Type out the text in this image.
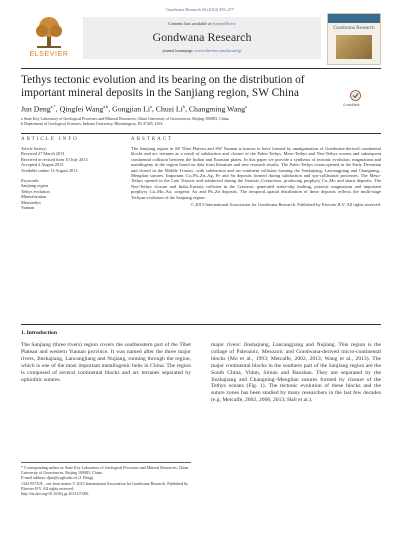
Gondwana Research 26 (2014) 459–477
ELSEVIER
Contents lists available at ScienceDirect
Gondwana Research
journal homepage: www.elsevier.com/locate/gr
Gondwana Research
Tethys tectonic evolution and its bearing on the distribution of important mineral deposits in the Sanjiang region, SW China
CrossMark
Jun Deng$^{a,*}$, Qingfei Wang$^{a,b}$, Gongjian Li$^a$, Chusi Li$^b$, Changming Wang$^a$
a State Key Laboratory of Geological Processes and Mineral Resources, China University of Geosciences, Beijing 100083, China
b Department of Geological Sciences, Indiana University, Bloomington, IN 47405, USA
ARTICLE INFO	ABSTRACT
Article history:
Received 27 March 2013
Received in revised form 10 July 2013
Accepted 2 August 2013
Available online 13 August 2013
Keywords:
Sanjiang region
Tethys evolution
Mineralization
Mesotethys
Yunnan

The Sanjiang region in SE Tibet Plateau and SW Yunnan is known to have formed by amalgamation of Gondwana-derived continental blocks and arc terranes as a result of subduction and closure of the Paleo-Tethys, Meso-Tethys and Neo-Tethys oceans and subsequent continental collision between the Indian and Eurasian plates. In this paper we provide a synthesis of tectonic evolution, magmatism and metallogeny in the region based on data from literature and new research results. The Paleo-Tethys ocean opened in the Early Devonian and closed in the Middle Triassic, with subduction and arc-continent collision forming the Jinshajiang, Lancangjiang and Changning–Menglian sutures. Important Cu–Pb–Zn–Ag, Fe and Sn deposits formed during subduction and syn-collisional processes. The Meso-Tethys opened in the Late Triassic and subducted during the Jurassic–Cretaceous, producing porphyry Cu–Mo and skarn deposits. The Neo-Tethys closure and India–Eurasia collision in the Cenozoic generated strike-slip faulting, potassic magmatism and important porphyry Cu–Mo–Au, orogenic Au and Pb–Zn deposits. The temporal–spatial distribution of these deposits reflects the multi-stage Tethyan evolution of the Sanjiang region.

© 2013 International Association for Gondwana Research. Published by Elsevier B.V. All rights reserved.

1. Introduction
The Sanjiang (three rivers) region covers the southeastern part of the Tibet Plateau and western Yunnan province. It was named after the three major rivers, Jinshajiang, Lancangjiang and Nujiang, running through the region, which is one of the most important metallogenic belts in China. The region is composed of several continental blocks and arc terranes separated by ophiolitic sutures.
major rivers: Jinshajiang, Lancangjiang and Nujiang. This region is the collage of Paleozoic, Mesozoic and Gondwana-derived micro-continental blocks (Mo et al., 1993; Metcalfe, 2002, 2013; Wang et al., 2013). The major continental blocks in the southern part of the Sanjiang region are the South China, Yidun, Simao and Baoshan. They are separated by the Jinshajiang and Changning–Menglian sutures formed by closure of the Tethys oceans (Fig. 1). The tectonic evolution of these blocks and the suture zones has been studied by many researchers in the last few decades (e.g. Metcalfe, 2002, 2006, 2013; Hall et al.).
* Corresponding author at: State Key Laboratory of Geological Processes and Mineral Resources, China University of Geosciences, Beijing 100083, China.
E-mail address: djun@cugb.edu.cn (J. Deng).
1342-937X/$ – see front matter © 2013 International Association for Gondwana Research. Published by Elsevier B.V. All rights reserved.
http://dx.doi.org/10.1016/j.gr.2013.07.006
